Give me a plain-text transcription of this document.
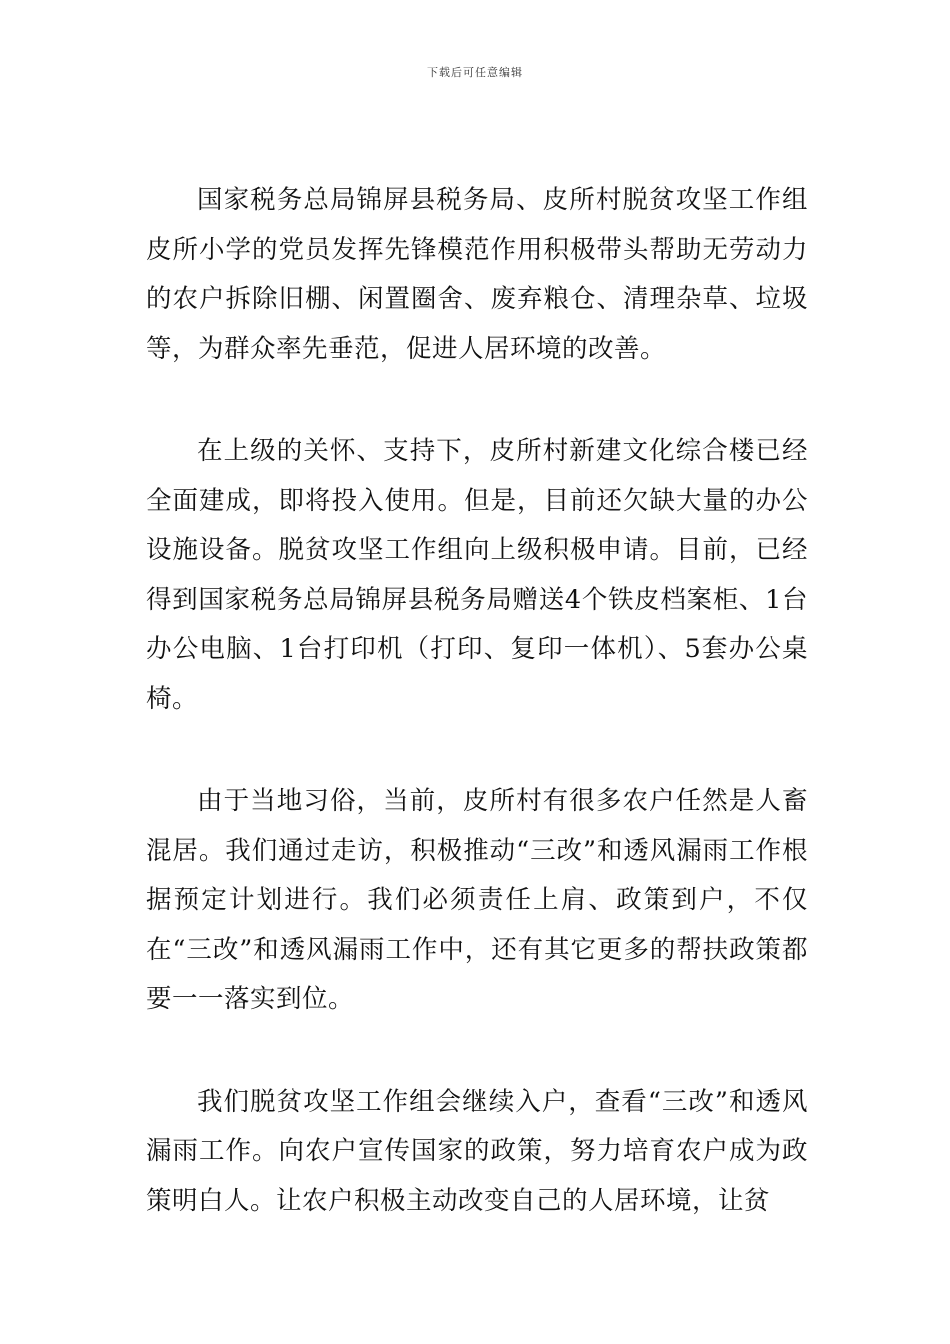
下载后可任意编辑

国家税务总局锦屏县税务局、皮所村脱贫攻坚工作组皮所小学的党员发挥先锋模范作用积极带头帮助无劳动力的农户拆除旧棚、闲置圈舍、废弃粮仓、清理杂草、垃圾等，为群众率先垂范，促进人居环境的改善。

在上级的关怀、支持下，皮所村新建文化综合楼已经全面建成，即将投入使用。但是，目前还欠缺大量的办公设施设备。脱贫攻坚工作组向上级积极申请。目前，已经得到国家税务总局锦屏县税务局赠送4个铁皮档案柜、1台办公电脑、1台打印机（打印、复印一体机）、5套办公桌椅。

由于当地习俗，当前，皮所村有很多农户任然是人畜混居。我们通过走访，积极推动“三改”和透风漏雨工作根据预定计划进行。我们必须责任上肩、政策到户，不仅在“三改”和透风漏雨工作中，还有其它更多的帮扶政策都要一一落实到位。

我们脱贫攻坚工作组会继续入户，查看“三改”和透风漏雨工作。向农户宣传国家的政策，努力培育农户成为政策明白人。让农户积极主动改变自己的人居环境，让贫
